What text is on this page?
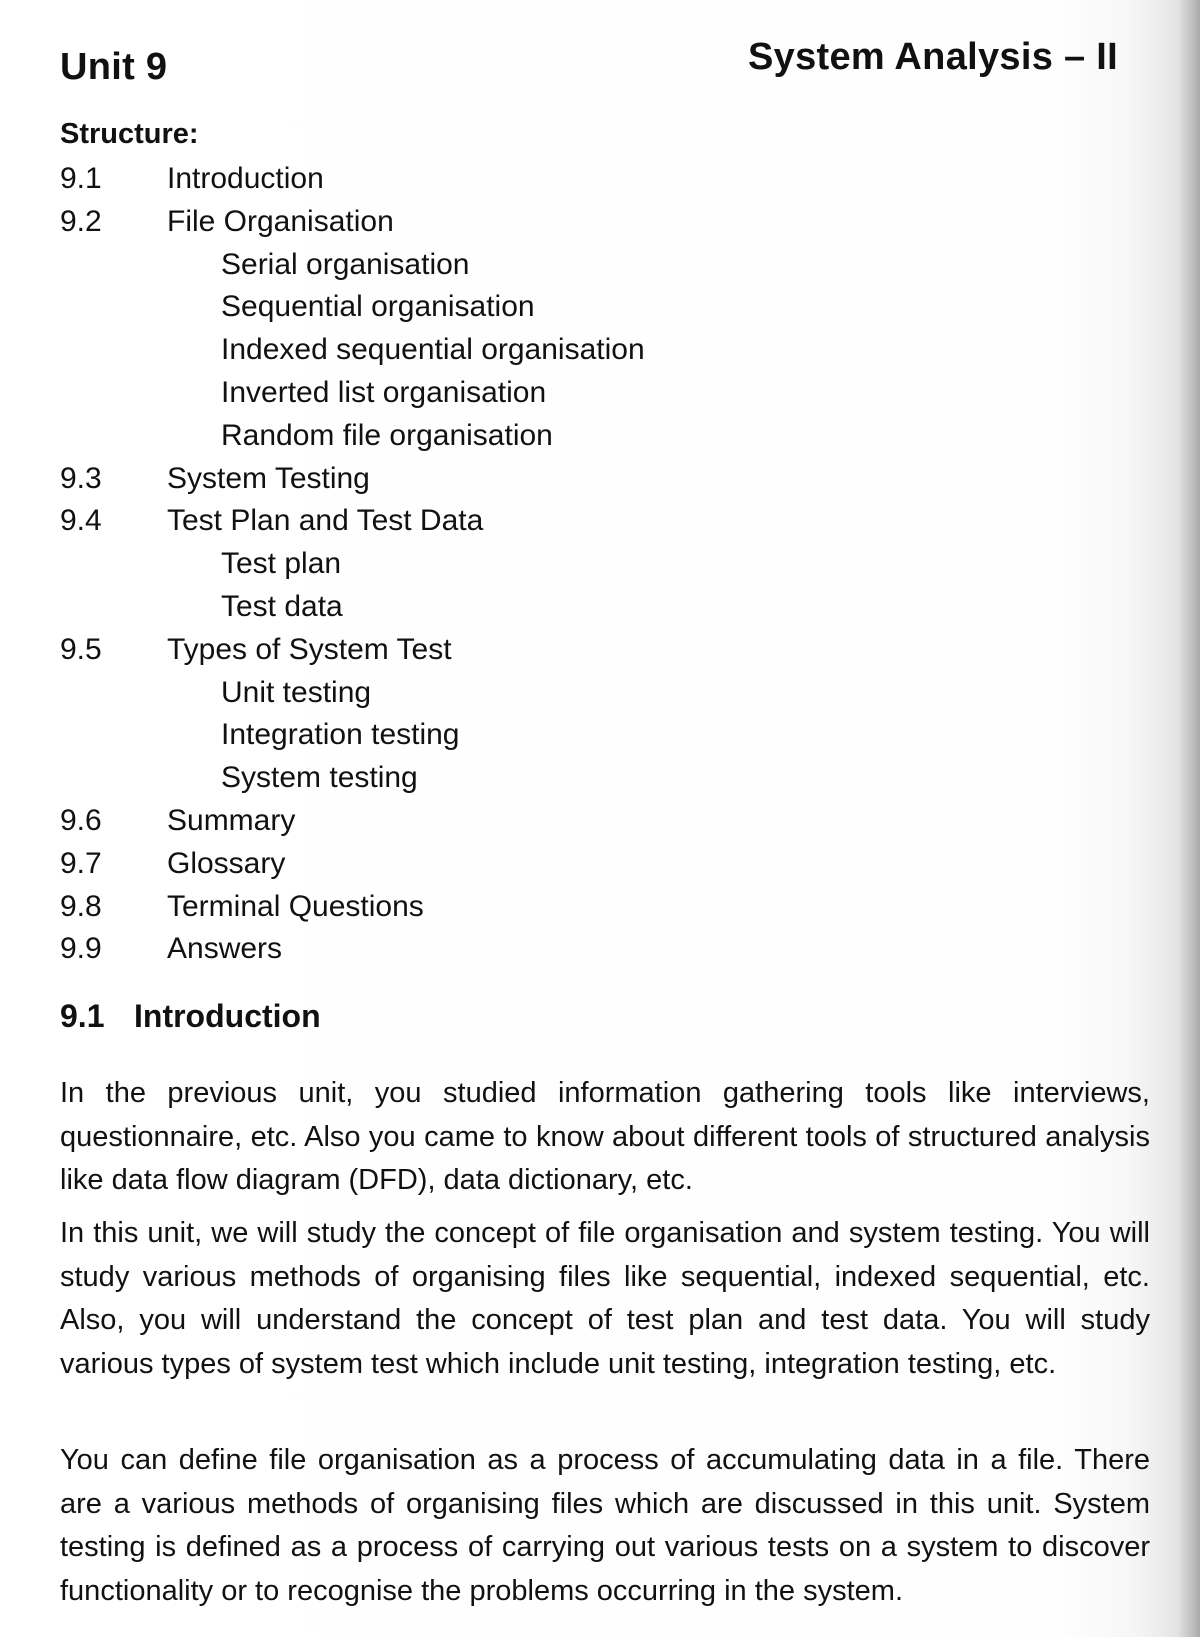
Unit 9	System Analysis – II
Structure:
9.1 Introduction
9.2 File Organisation
Serial organisation
Sequential organisation
Indexed sequential organisation
Inverted list organisation
Random file organisation
9.3 System Testing
9.4 Test Plan and Test Data
Test plan
Test data
9.5 Types of System Test
Unit testing
Integration testing
System testing
9.6 Summary
9.7 Glossary
9.8 Terminal Questions
9.9 Answers
9.1 Introduction

In the previous unit, you studied information gathering tools like interviews, questionnaire, etc. Also you came to know about different tools of structured analysis like data flow diagram (DFD), data dictionary, etc.

In this unit, we will study the concept of file organisation and system testing. You will study various methods of organising files like sequential, indexed sequential, etc. Also, you will understand the concept of test plan and test data. You will study various types of system test which include unit testing, integration testing, etc.

You can define file organisation as a process of accumulating data in a file. There are a various methods of organising files which are discussed in this unit. System testing is defined as a process of carrying out various tests on a system to discover functionality or to recognise the problems occurring in the system.
